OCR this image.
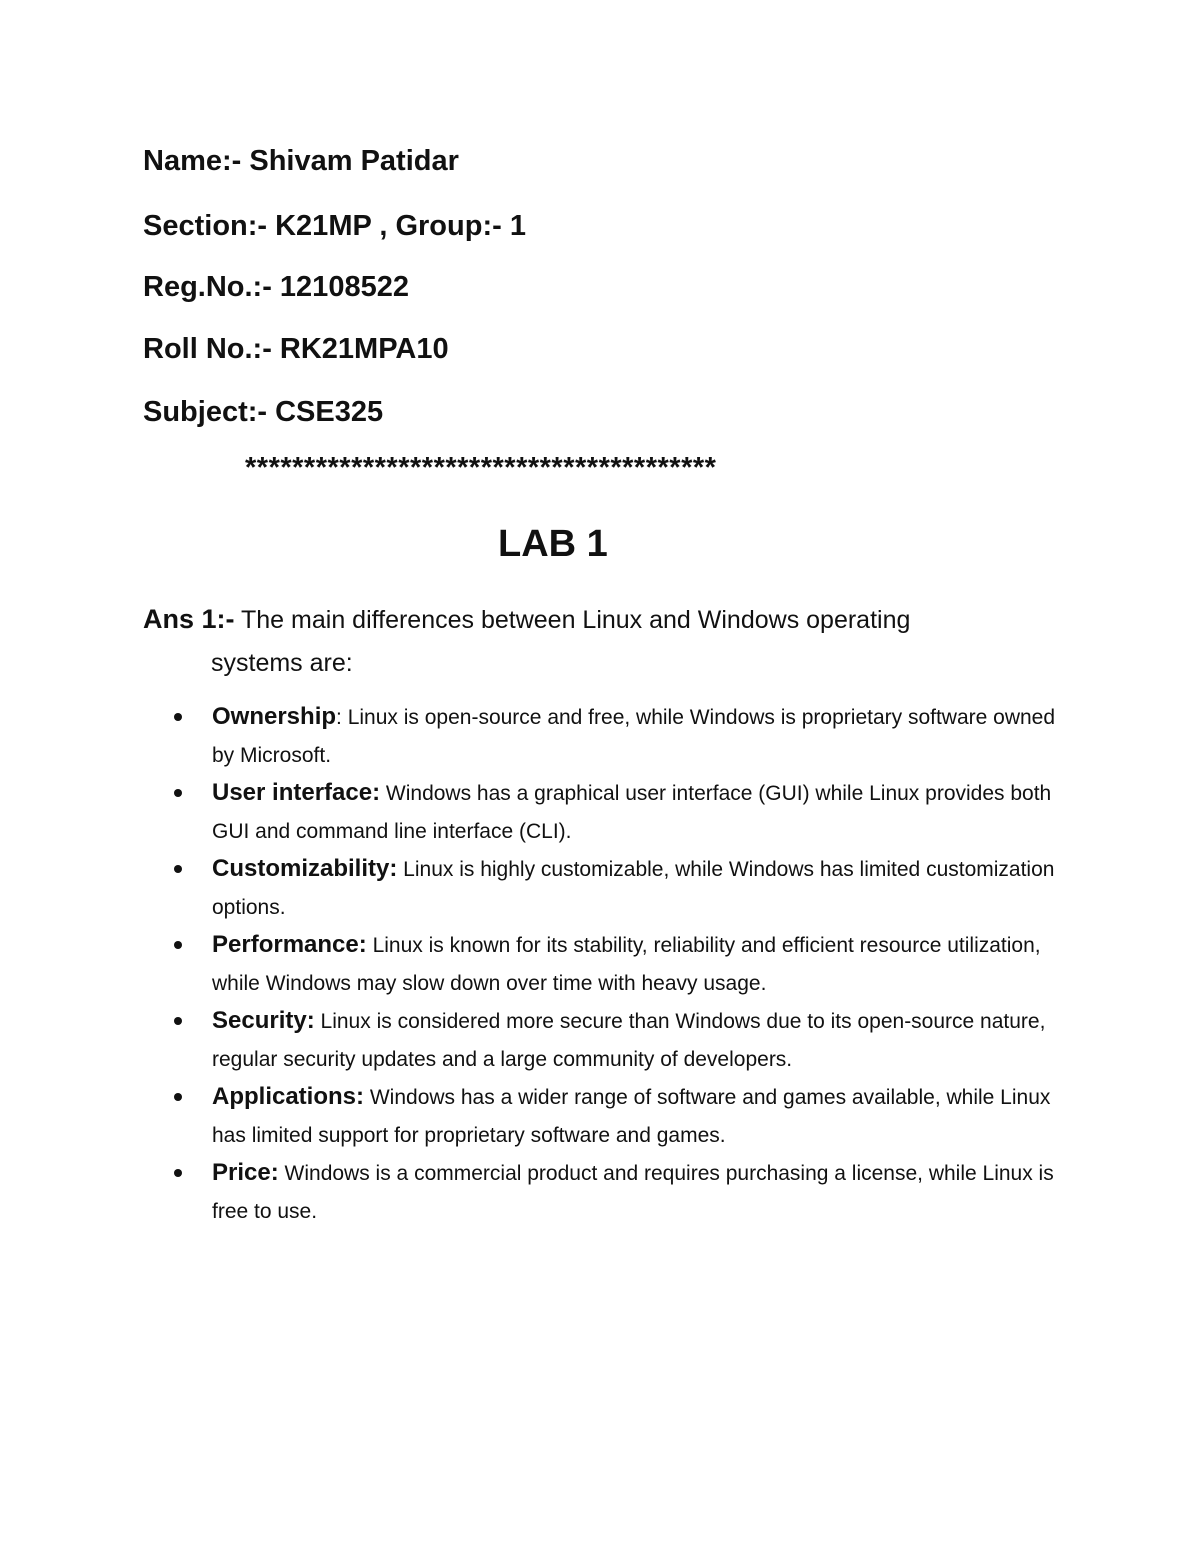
Name:- Shivam Patidar
Section:- K21MP , Group:- 1
Reg.No.:- 12108522
Roll No.:- RK21MPA10
Subject:- CSE325
****************************************
LAB 1
Ans 1:- The main differences between Linux and Windows operating
systems are:
Ownership: Linux is open-source and free, while Windows is proprietary software owned by Microsoft.
User interface: Windows has a graphical user interface (GUI) while Linux provides both GUI and command line interface (CLI).
Customizability: Linux is highly customizable, while Windows has limited customization options.
Performance: Linux is known for its stability, reliability and efficient resource utilization, while Windows may slow down over time with heavy usage.
Security: Linux is considered more secure than Windows due to its open-source nature, regular security updates and a large community of developers.
Applications: Windows has a wider range of software and games available, while Linux has limited support for proprietary software and games.
Price: Windows is a commercial product and requires purchasing a license, while Linux is free to use.
